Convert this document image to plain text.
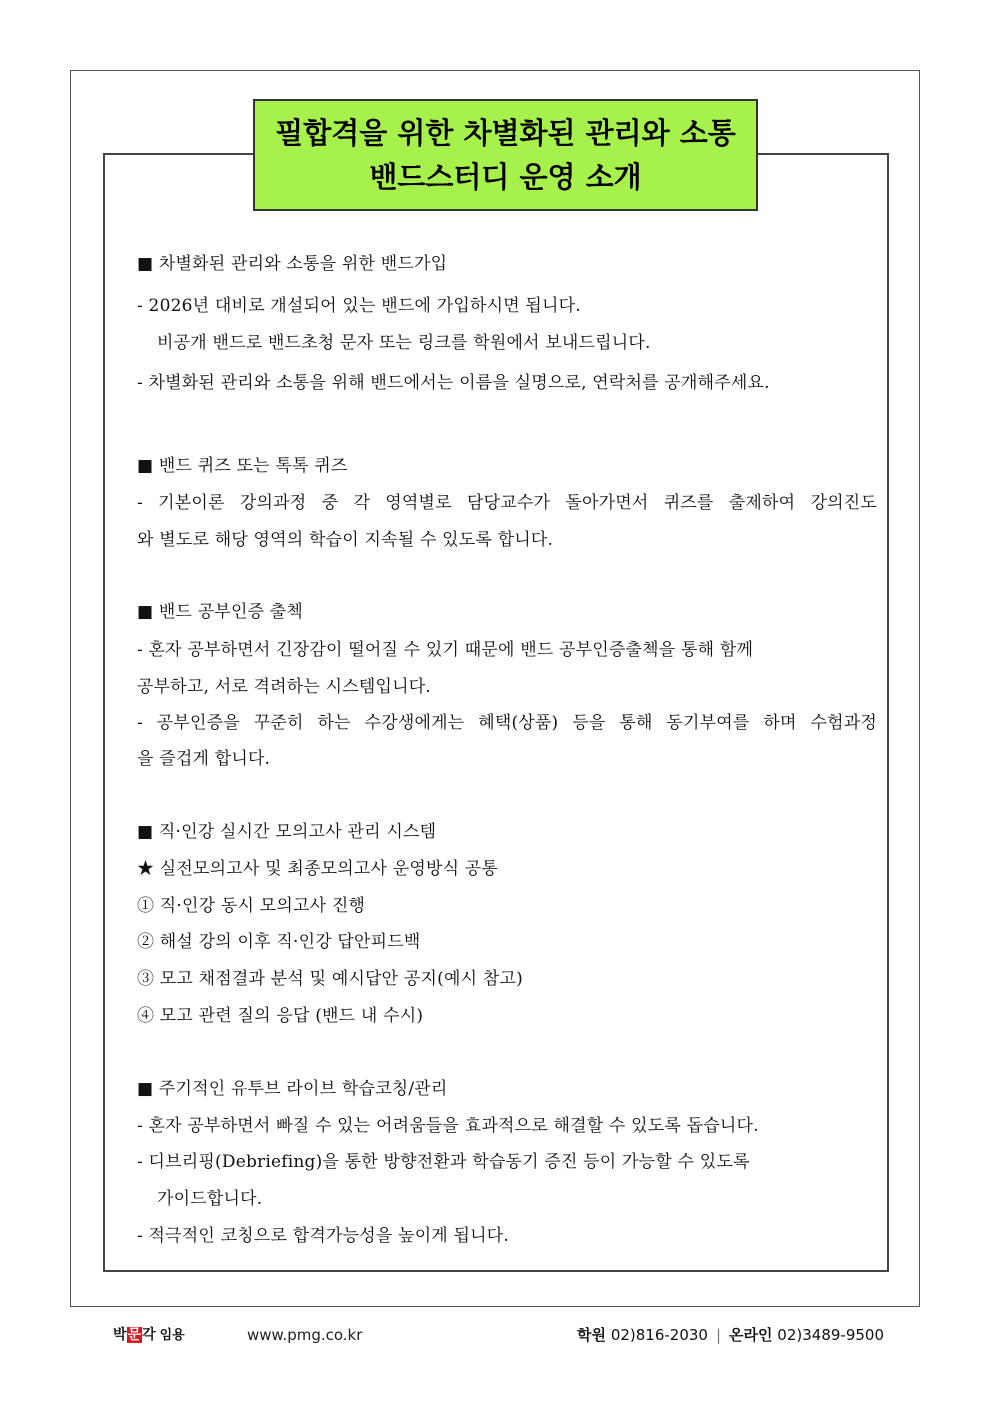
필합격을 위한 차별화된 관리와 소통
밴드스터디 운영 소개
■ 차별화된 관리와 소통을 위한 밴드가입
- 2026년 대비로 개설되어 있는 밴드에 가입하시면 됩니다.
비공개 밴드로 밴드초청 문자 또는 링크를 학원에서 보내드립니다.
- 차별화된 관리와 소통을 위해 밴드에서는 이름을 실명으로, 연락처를 공개해주세요.
■ 밴드 퀴즈 또는 톡톡 퀴즈
- 기본이론 강의과정 중 각 영역별로 담당교수가 돌아가면서 퀴즈를 출제하여 강의진도
와 별도로 해당 영역의 학습이 지속될 수 있도록 합니다.
■ 밴드 공부인증 출첵
- 혼자 공부하면서 긴장감이 떨어질 수 있기 때문에 밴드 공부인증출첵을 통해 함께
공부하고, 서로 격려하는 시스템입니다.
- 공부인증을 꾸준히 하는 수강생에게는 혜택(상품) 등을 통해 동기부여를 하며 수험과정
을 즐겁게 합니다.
■ 직·인강 실시간 모의고사 관리 시스템
★ 실전모의고사 및 최종모의고사 운영방식 공통
① 직·인강 동시 모의고사 진행
② 해설 강의 이후 직·인강 답안피드백
③ 모고 채점결과 분석 및 예시답안 공지(예시 참고)
④ 모고 관련 질의 응답 (밴드 내 수시)
■ 주기적인 유투브 라이브 학습코칭/관리
- 혼자 공부하면서 빠질 수 있는 어려움들을 효과적으로 해결할 수 있도록 돕습니다.
- 디브리핑(Debriefing)을 통한 방향전환과 학습동기 증진 등이 가능할 수 있도록
가이드합니다.
- 적극적인 코칭으로 합격가능성을 높이게 됩니다.
박문각 임용	www.pmg.co.kr	학원 02)816-2030 | 온라인 02)3489-9500
